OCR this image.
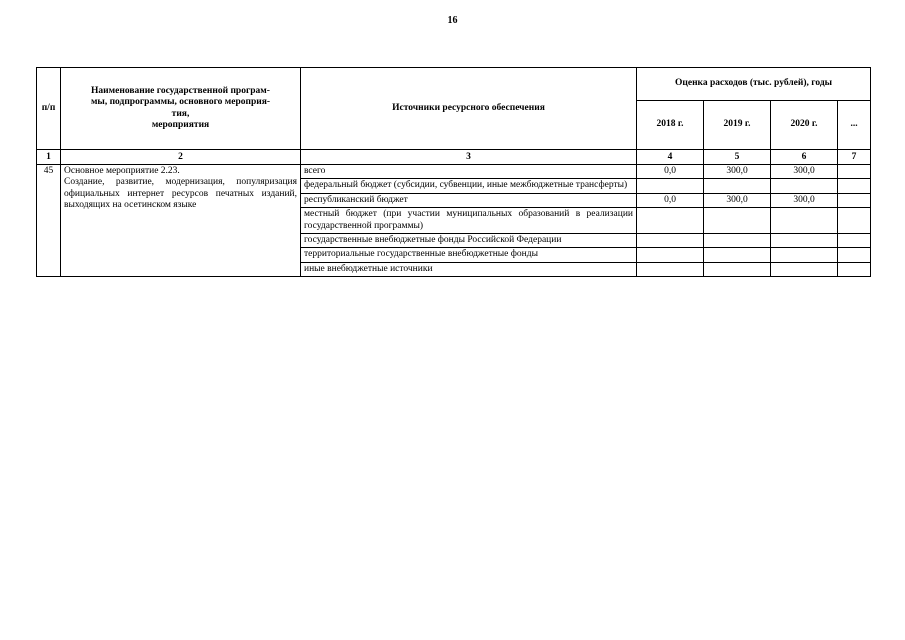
16
п/п	Наименование государственной програм-
мы, подпрограммы, основного мероприя-
тия,
мероприятия	Источники ресурсного обеспечения	Оценка расходов (тыс. рублей), годы			
			2018 г.	2019 г.	2020 г.	...
1	2	3	4	5	6	7
45	Основное мероприятие 2.23.
Создание, развитие, модернизация, популяризация официальных интернет ресурсов печатных изданий, выходящих на осетинском языке	всего	0,0	300,0	300,0	
		федеральный бюджет (субсидии, субвенции, иные межбюджетные трансферты)				
		республиканский бюджет	0,0	300,0	300,0	
		местный бюджет (при участии муниципальных образований в реализации государственной программы)				
		государственные внебюджетные фонды Российской Федерации				
		территориальные государственные внебюджетные фонды				
		иные внебюджетные источники				
